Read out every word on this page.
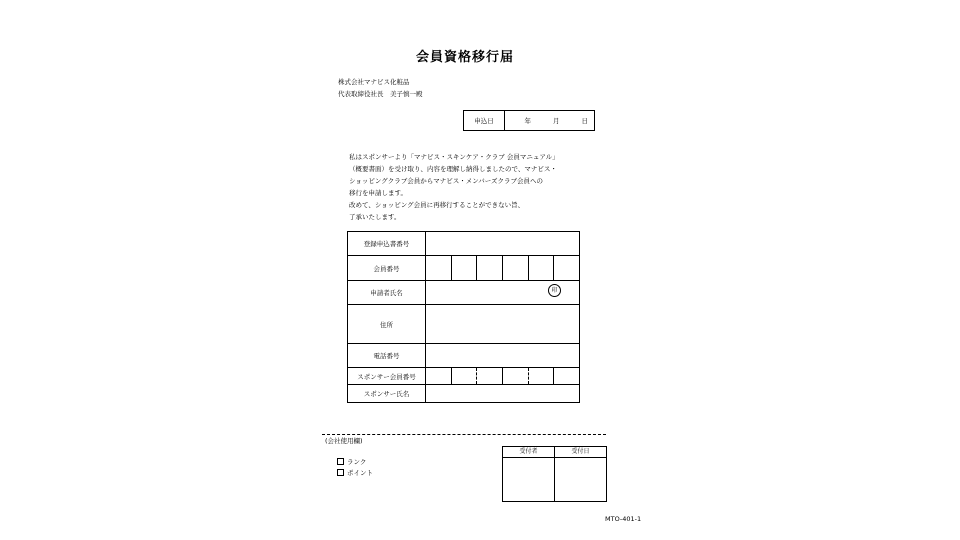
会員資格移行届
株式会社マナビス化粧品
代表取締役社長　美子慎一殿
申込日	年	月	日
私はスポンサーより「マナビス・スキンケア・クラブ 会員マニュアル」
（概要書面）を受け取り、内容を理解し納得しましたので、マナビス・
ショッピングクラブ会員からマナビス・メンバーズクラブ会員への
移行を申請します。
改めて、ショッピング会員に再移行することができない旨、
了承いたします。
登録申込書番号	
会員番号	

申請者氏名	印

住所	
電話番号	
スポンサー会員番号	

スポンサー氏名	
(会社使用欄)
ランク
ポイント
受付者	受付日
MTO-401-1
